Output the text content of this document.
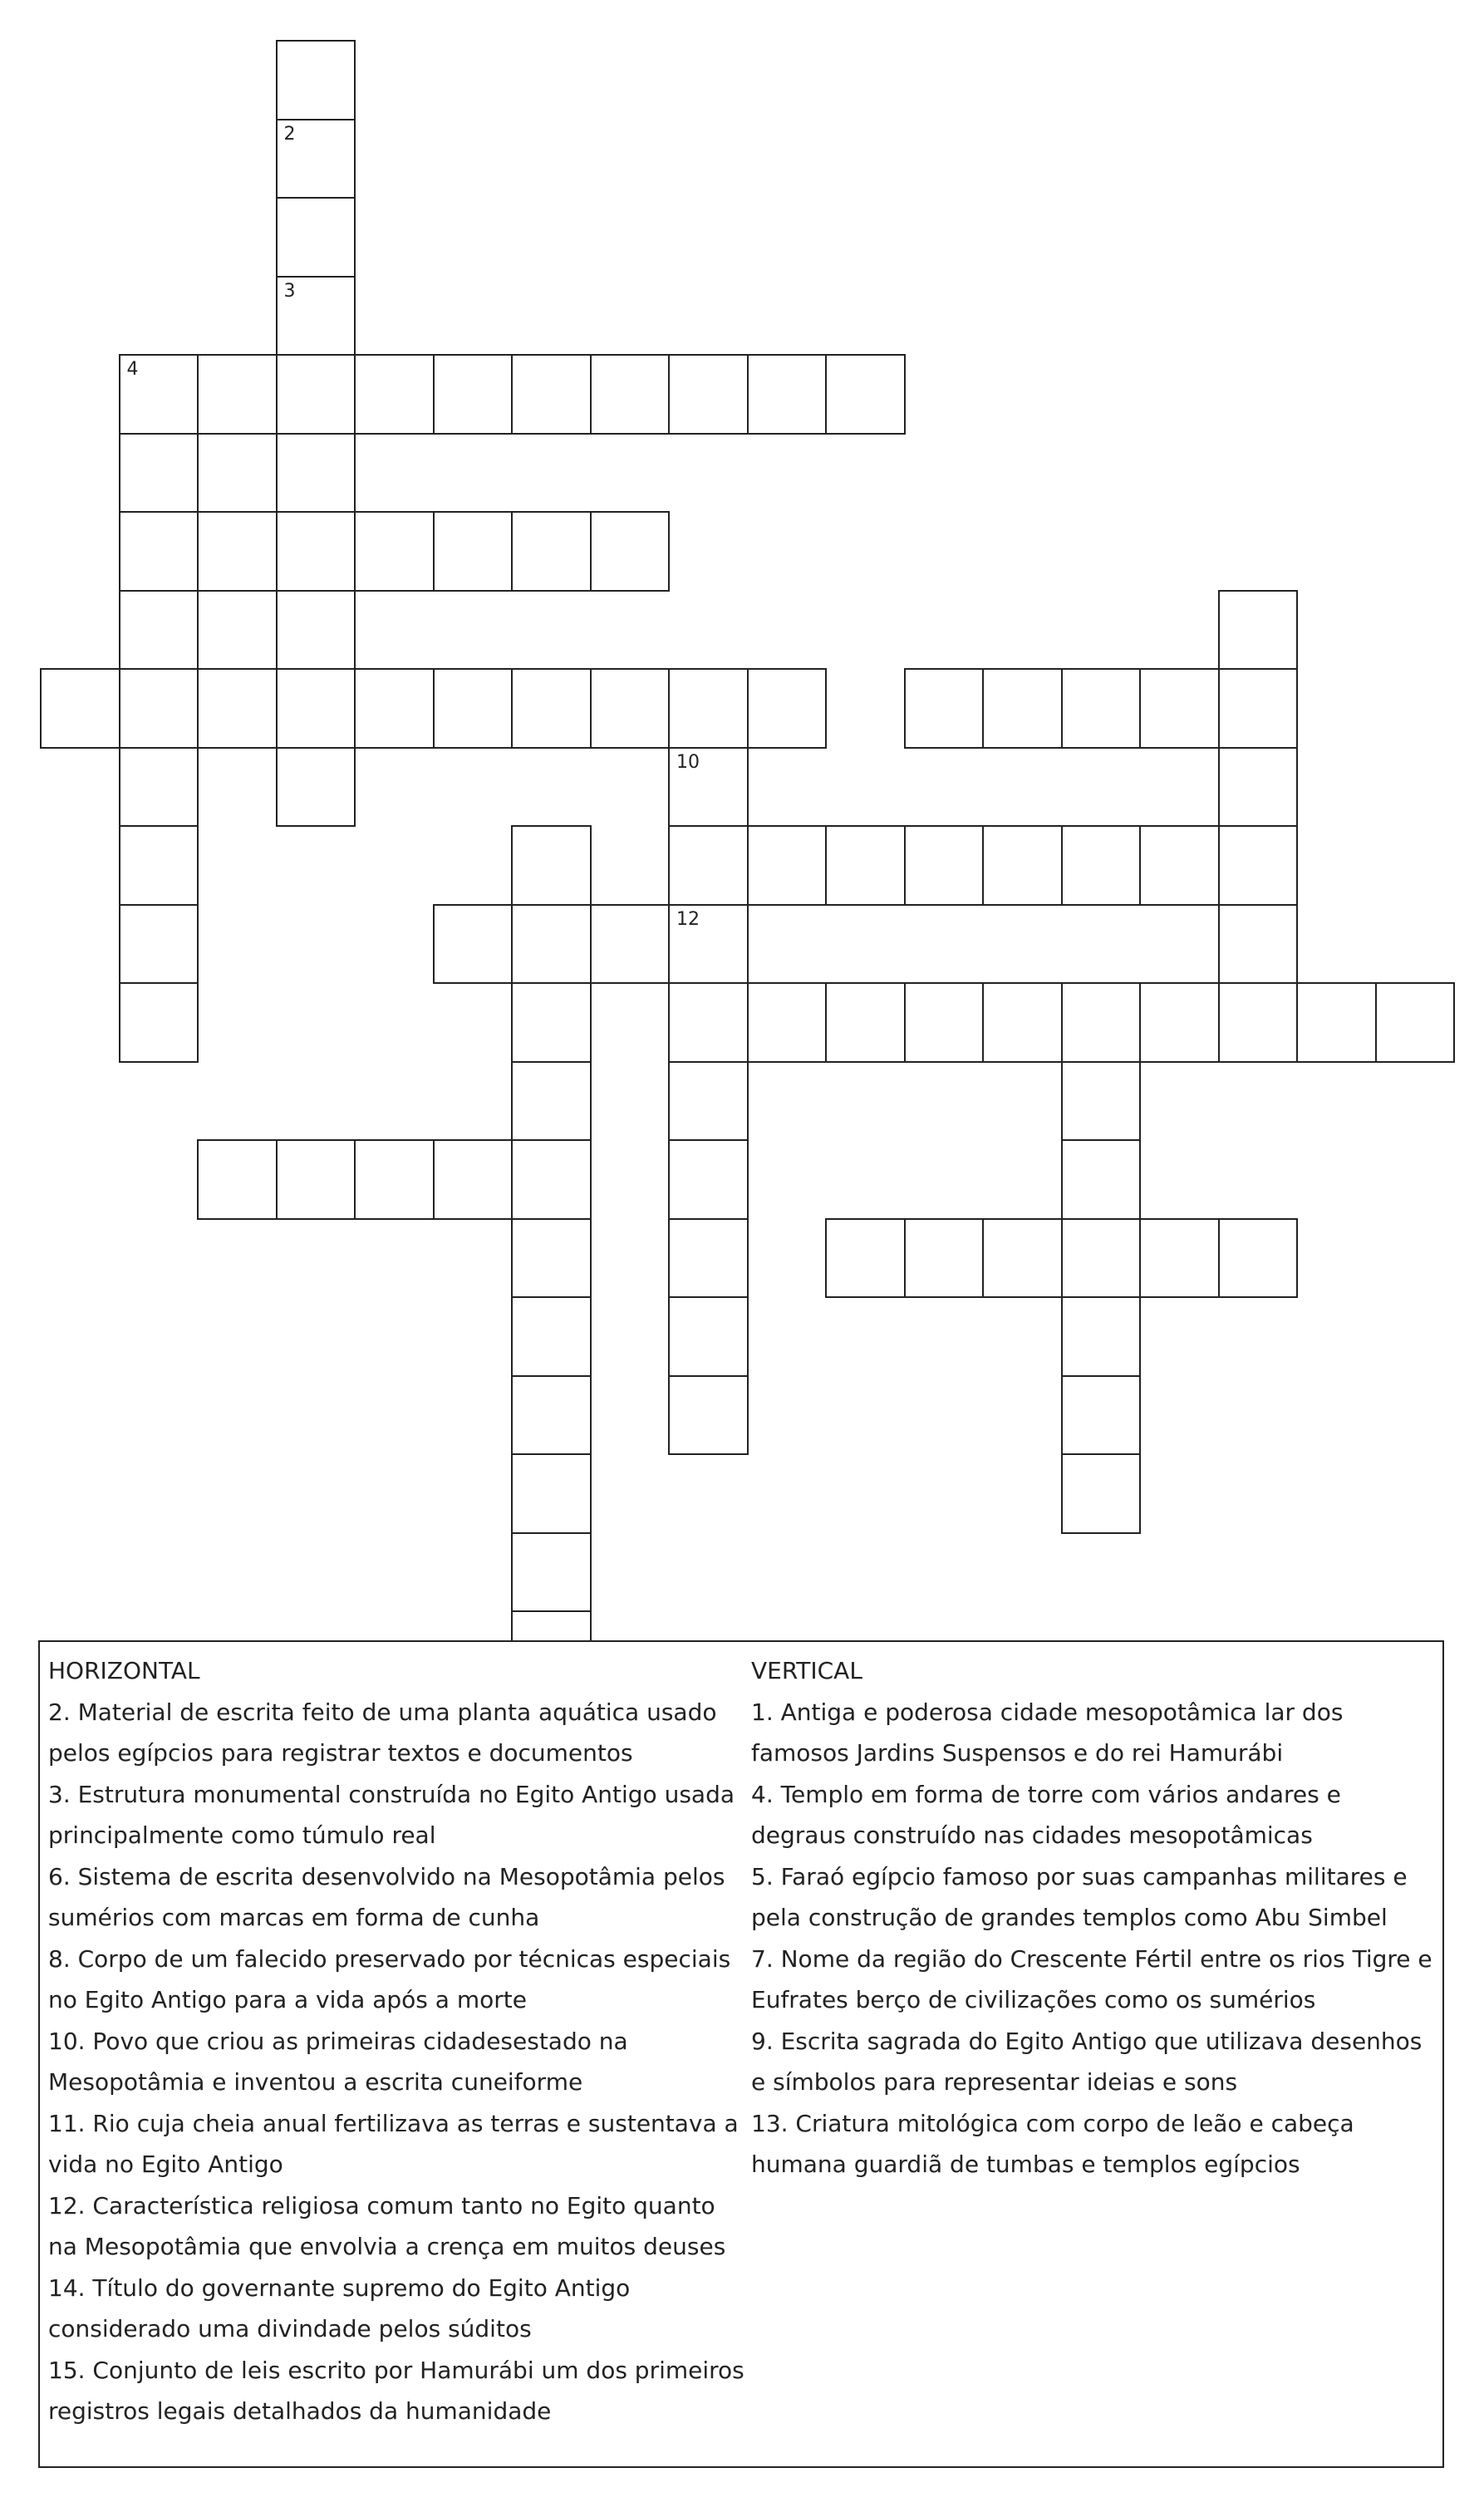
2
3
4
10
12

HORIZONTAL

2. Material de escrita feito de uma planta aquática usado pelos egípcios para registrar textos e documentos

3. Estrutura monumental construída no Egito Antigo usada principalmente como túmulo real

6. Sistema de escrita desenvolvido na Mesopotâmia pelos sumérios com marcas em forma de cunha

8. Corpo de um falecido preservado por técnicas especiais no Egito Antigo para a vida após a morte

10. Povo que criou as primeiras cidadesestado na Mesopotâmia e inventou a escrita cuneiforme

11. Rio cuja cheia anual fertilizava as terras e sustentava a vida no Egito Antigo

12. Característica religiosa comum tanto no Egito quanto na Mesopotâmia que envolvia a crença em muitos deuses

14. Título do governante supremo do Egito Antigo considerado uma divindade pelos súditos

15. Conjunto de leis escrito por Hamurábi um dos primeiros registros legais detalhados da humanidade

VERTICAL

1. Antiga e poderosa cidade mesopotâmica lar dos famosos Jardins Suspensos e do rei Hamurábi

4. Templo em forma de torre com vários andares e degraus construído nas cidades mesopotâmicas

5. Faraó egípcio famoso por suas campanhas militares e pela construção de grandes templos como Abu Simbel

7. Nome da região do Crescente Fértil entre os rios Tigre e Eufrates berço de civilizações como os sumérios

9. Escrita sagrada do Egito Antigo que utilizava desenhos e símbolos para representar ideias e sons

13. Criatura mitológica com corpo de leão e cabeça humana guardiã de tumbas e templos egípcios
